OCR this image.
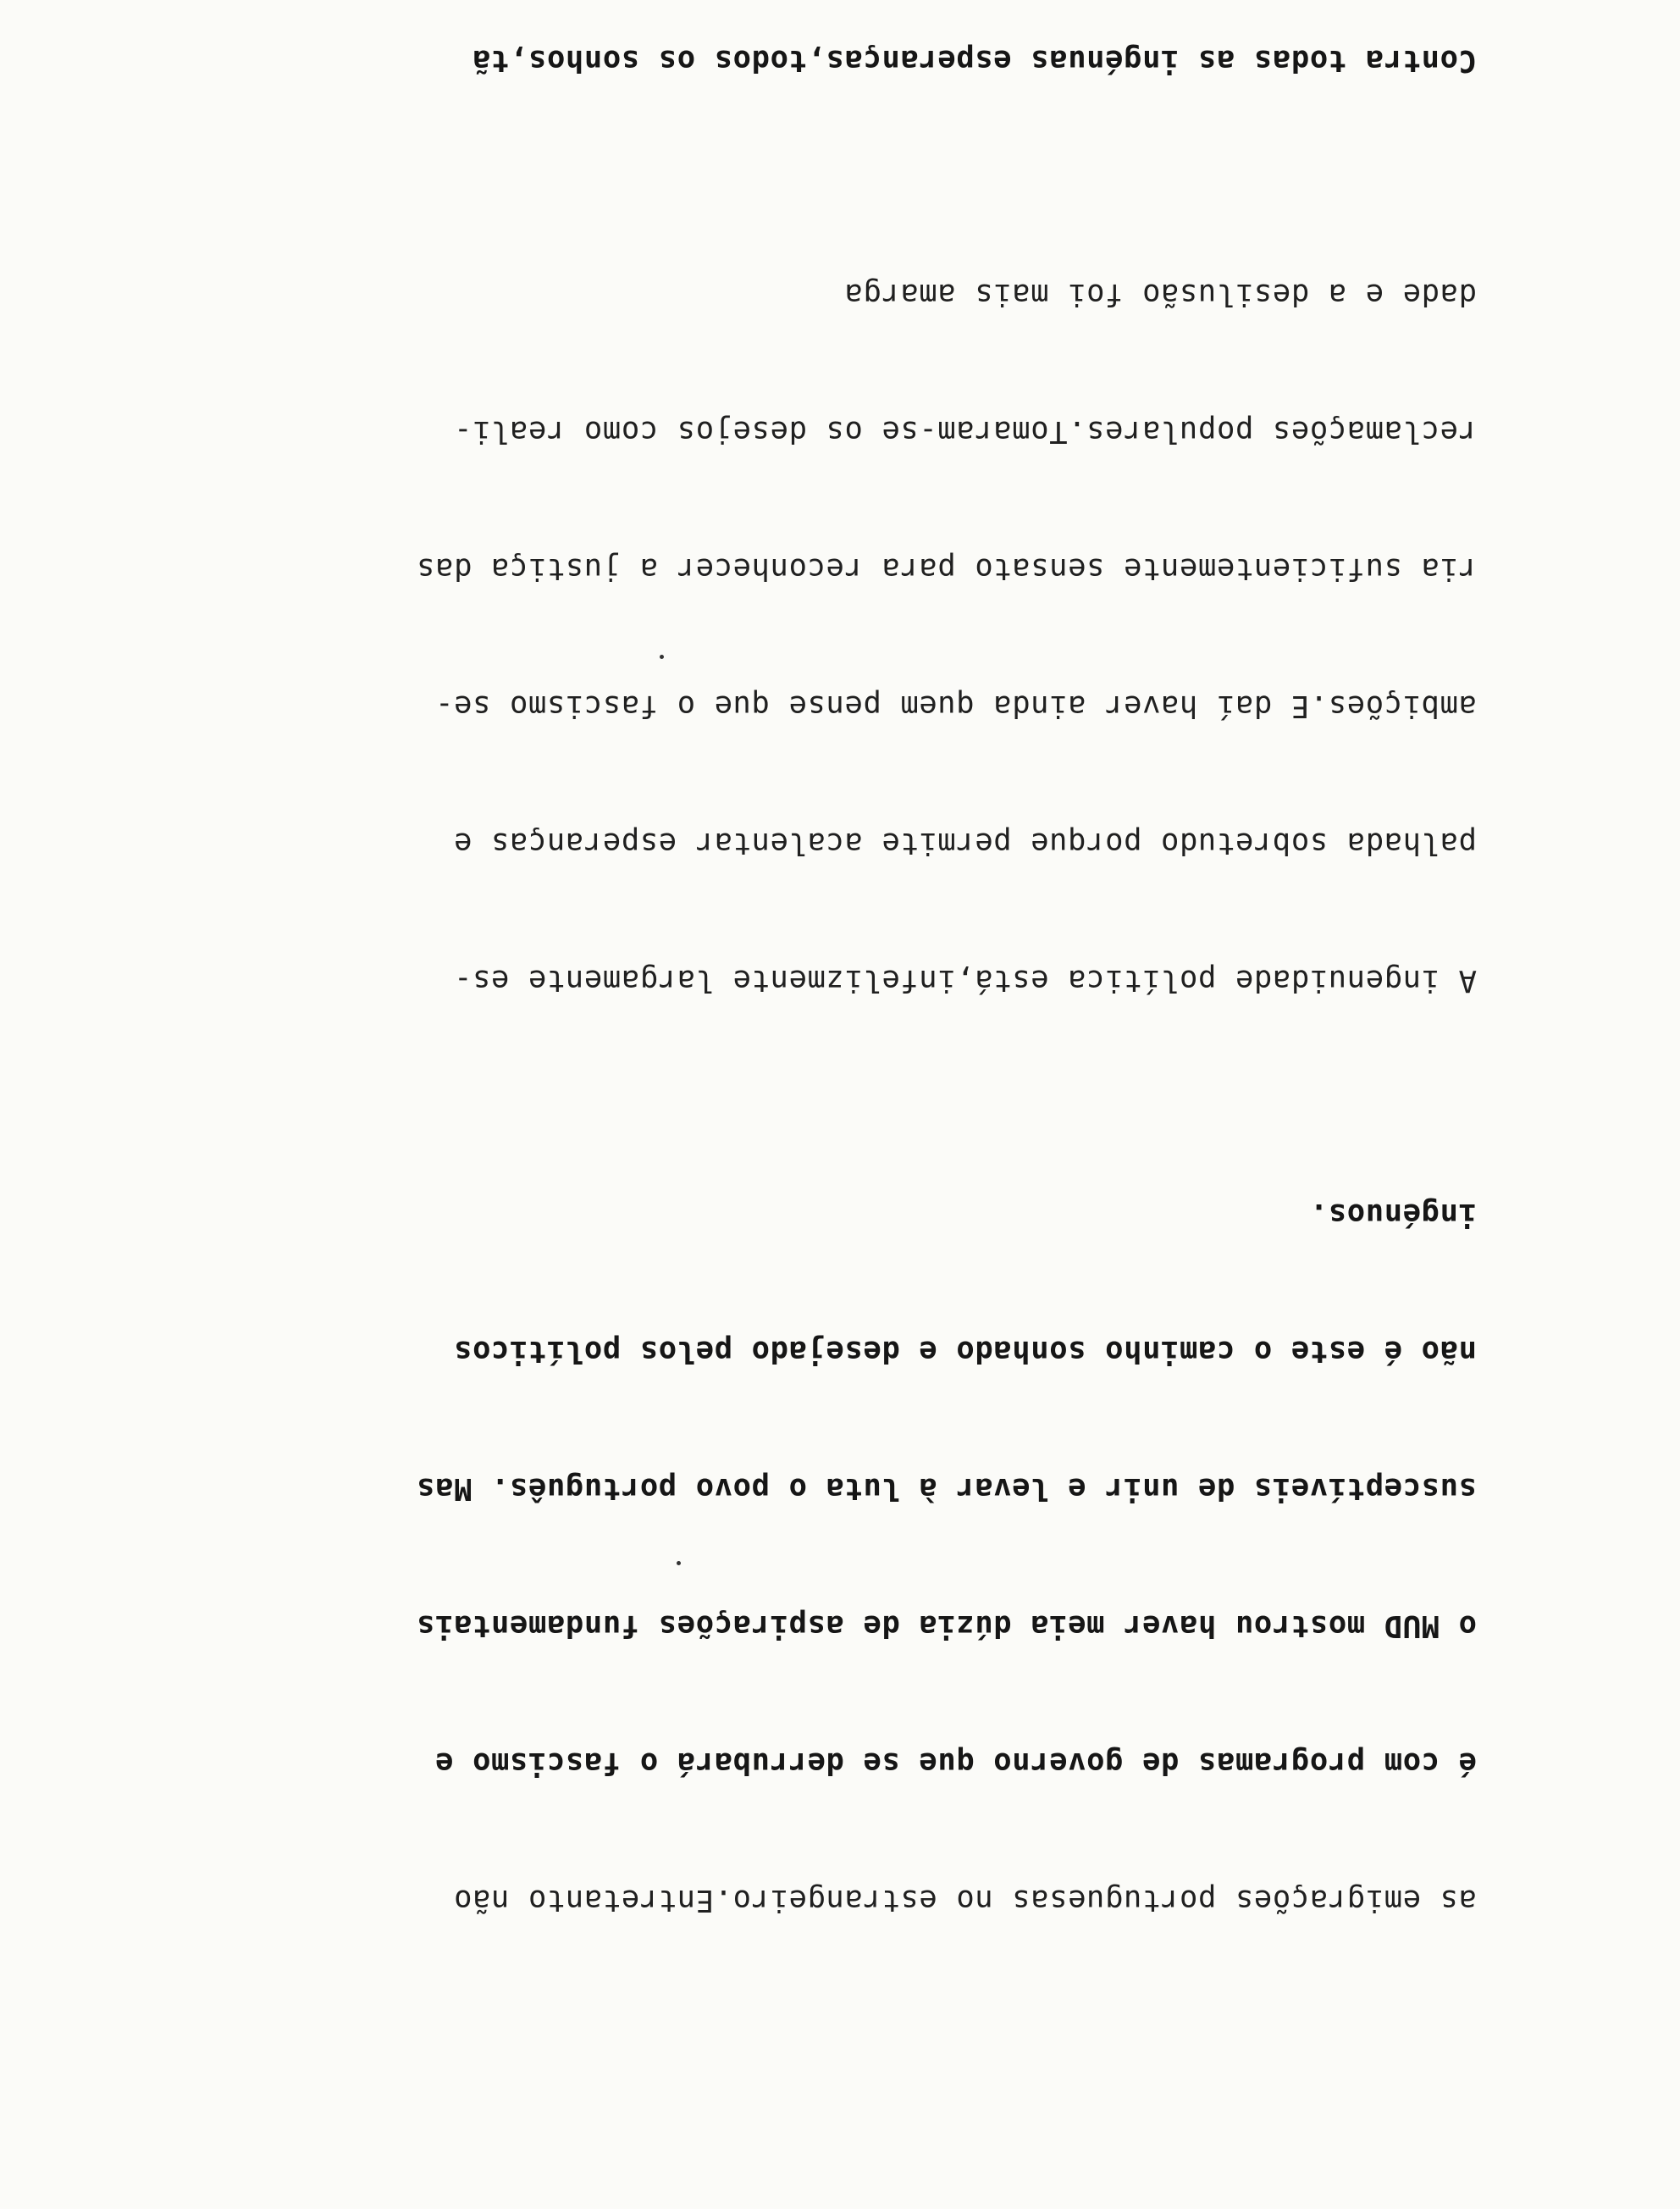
as emigrações portuguesas no estrangeiro.Entretanto não

é com programas de governo que se derrubará o fascismo e

o MUD mostrou haver meia dúzia de aspirações fundamentais

susceptíveis de unir e levar à luta o povo português. Mas

não é este o caminho sonhado e desejado pelos políticos

ingénuos.

A ingenuidade política está,infelizmente largamente es-

palhada sobretudo porque permite acalentar esperanças e

ambições.E daí haver ainda quem pense que o fascismo se-

ria suficientemente sensato para reconhecer a justiça das

reclamações populares.Tomaram-se os desejos como reali-

dade e a desilusão foi mais amarga

Contra todas as ingénuas esperanças,todos os sonhos,tã
